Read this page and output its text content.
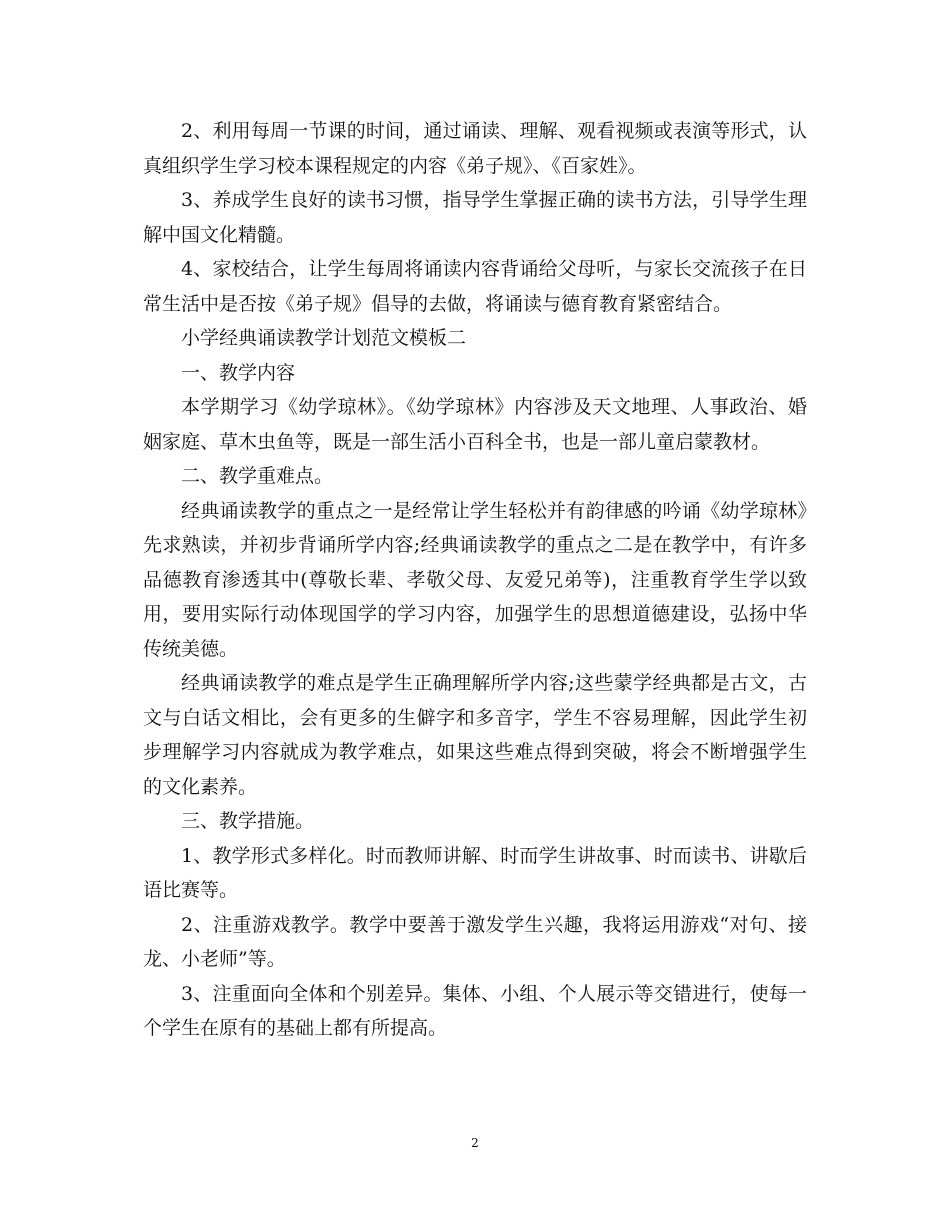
2、利用每周一节课的时间，通过诵读、理解、观看视频或表演等形式，认真组织学生学习校本课程规定的内容《弟子规》、《百家姓》。

3、养成学生良好的读书习惯，指导学生掌握正确的读书方法，引导学生理解中国文化精髓。

4、家校结合，让学生每周将诵读内容背诵给父母听，与家长交流孩子在日常生活中是否按《弟子规》倡导的去做，将诵读与德育教育紧密结合。

小学经典诵读教学计划范文模板二

一、教学内容

本学期学习《幼学琼林》。《幼学琼林》内容涉及天文地理、人事政治、婚姻家庭、草木虫鱼等，既是一部生活小百科全书，也是一部儿童启蒙教材。

二、教学重难点。

经典诵读教学的重点之一是经常让学生轻松并有韵律感的吟诵《幼学琼林》先求熟读，并初步背诵所学内容;经典诵读教学的重点之二是在教学中，有许多品德教育渗透其中(尊敬长辈、孝敬父母、友爱兄弟等)，注重教育学生学以致用，要用实际行动体现国学的学习内容，加强学生的思想道德建设，弘扬中华传统美德。

经典诵读教学的难点是学生正确理解所学内容;这些蒙学经典都是古文，古文与白话文相比，会有更多的生僻字和多音字，学生不容易理解，因此学生初步理解学习内容就成为教学难点，如果这些难点得到突破，将会不断增强学生的文化素养。

三、教学措施。

1、教学形式多样化。时而教师讲解、时而学生讲故事、时而读书、讲歇后语比赛等。

2、注重游戏教学。教学中要善于激发学生兴趣，我将运用游戏“对句、接龙、小老师”等。

3、注重面向全体和个别差异。集体、小组、个人展示等交错进行，使每一个学生在原有的基础上都有所提高。

2
